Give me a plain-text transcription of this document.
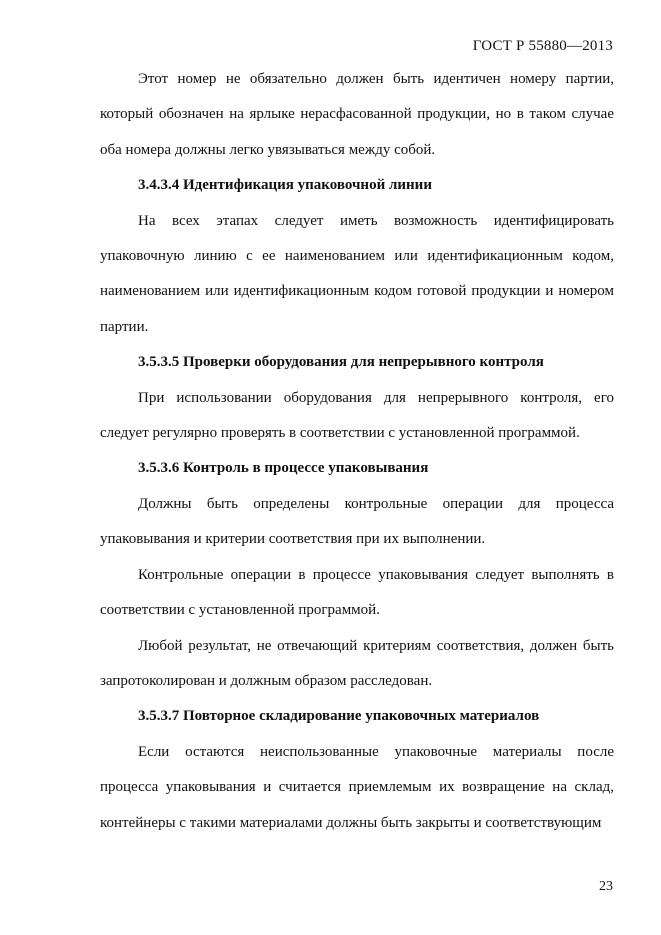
ГОСТ Р 55880—2013

Этот номер не обязательно должен быть идентичен номеру партии, который обозначен на ярлыке нерасфасованной продукции, но в таком случае оба номера должны легко увязываться между собой.

3.4.3.4 Идентификация упаковочной линии

На всех этапах следует иметь возможность идентифицировать упаковочную линию с ее наименованием или идентификационным кодом, наименованием или идентификационным кодом готовой продукции и номером партии.

3.5.3.5 Проверки оборудования для непрерывного контроля

При использовании оборудования для непрерывного контроля, его следует регулярно проверять в соответствии с установленной программой.

3.5.3.6 Контроль в процессе упаковывания

Должны быть определены контрольные операции для процесса упаковывания и критерии соответствия при их выполнении.

Контрольные операции в процессе упаковывания следует выполнять в соответствии с установленной программой.

Любой результат, не отвечающий критериям соответствия, должен быть запротоколирован и должным образом расследован.

3.5.3.7 Повторное складирование упаковочных материалов

Если остаются неиспользованные упаковочные материалы после процесса упаковывания и считается приемлемым их возвращение на склад, контейнеры с такими материалами должны быть закрыты и соответствующим

23
